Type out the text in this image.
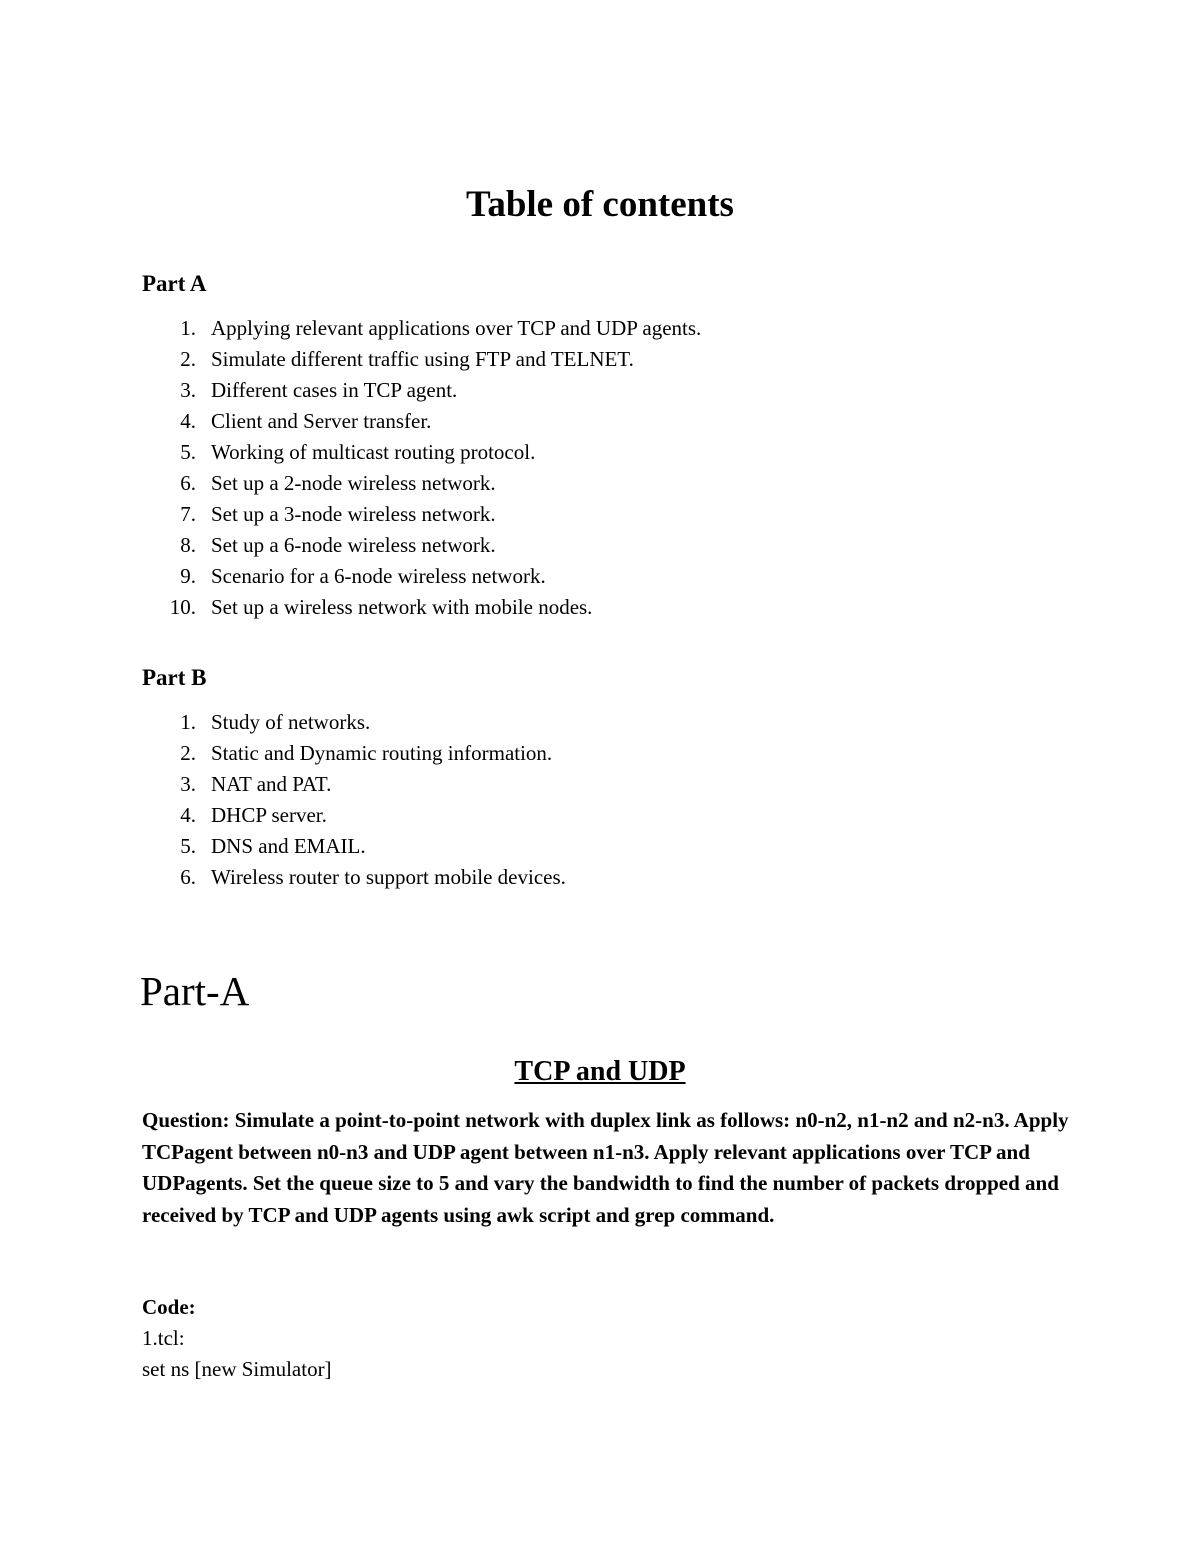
Table of contents
Part A
1. Applying relevant applications over TCP and UDP agents.
2. Simulate different traffic using FTP and TELNET.
3. Different cases in TCP agent.
4. Client and Server transfer.
5. Working of multicast routing protocol.
6. Set up a 2-node wireless network.
7. Set up a 3-node wireless network.
8. Set up a 6-node wireless network.
9. Scenario for a 6-node wireless network.
10. Set up a wireless network with mobile nodes.
Part B
1. Study of networks.
2. Static and Dynamic routing information.
3. NAT and PAT.
4. DHCP server.
5. DNS and EMAIL.
6. Wireless router to support mobile devices.
Part-A
TCP and UDP

Question: Simulate a point-to-point network with duplex link as follows: n0-n2, n1-n2 and n2-n3. Apply TCPagent between n0-n3 and UDP agent between n1-n3. Apply relevant applications over TCP and UDPagents. Set the queue size to 5 and vary the bandwidth to find the number of packets dropped and received by TCP and UDP agents using awk script and grep command.

Code:

1.tcl:

set ns [new Simulator]
